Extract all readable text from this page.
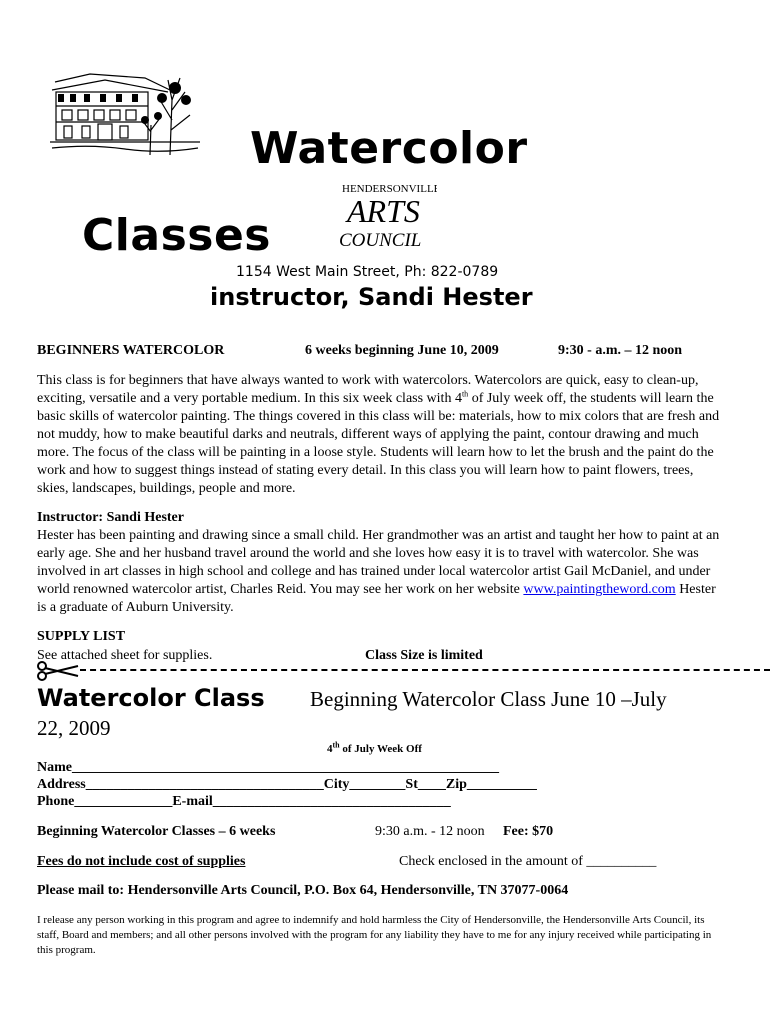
Watercolor
HENDERSONVILLE
ARTS
COUNCIL
Classes
1154 West Main Street, Ph: 822-0789
instructor, Sandi Hester
BEGINNERS WATERCOLOR	6 weeks beginning June 10, 2009	9:30 - a.m. – 12 noon
This class is for beginners that have always wanted to work with watercolors. Watercolors are quick, easy to clean-up, exciting, versatile and a very portable medium. In this six week class with 4th of July week off, the students will learn the basic skills of watercolor painting. The things covered in this class will be: materials, how to mix colors that are fresh and not muddy, how to make beautiful darks and neutrals, different ways of applying the paint, contour drawing and much more. The focus of the class will be painting in a loose style. Students will learn how to let the brush and the paint do the work and how to suggest things instead of stating every detail. In this class you will learn how to paint flowers, trees, skies, landscapes, buildings, people and more.
Instructor: Sandi Hester
Hester has been painting and drawing since a small child. Her grandmother was an artist and taught her how to paint at an early age. She and her husband travel around the world and she loves how easy it is to travel with watercolor. She was involved in art classes in high school and college and has trained under local watercolor artist Gail McDaniel, and under world renowned watercolor artist, Charles Reid. You may see her work on her website www.paintingtheword.com Hester is a graduate of Auburn University.
SUPPLY LIST
See attached sheet for supplies.	Class Size is limited
Watercolor Class Beginning Watercolor Class June 10 –July
22, 2009
4th of July Week Off
Name_____________________________________________________________
Address__________________________________City________St____Zip__________
Phone______________E-mail__________________________________
Beginning Watercolor Classes – 6 weeks	9:30 a.m. - 12 noon Fee: $70
Fees do not include cost of supplies	Check enclosed in the amount of __________
Please mail to: Hendersonville Arts Council, P.O. Box 64, Hendersonville, TN 37077-0064
I release any person working in this program and agree to indemnify and hold harmless the City of Hendersonville, the Hendersonville Arts Council, its staff, Board and members; and all other persons involved with the program for any liability they have to me for any injury received while participating in this program.
